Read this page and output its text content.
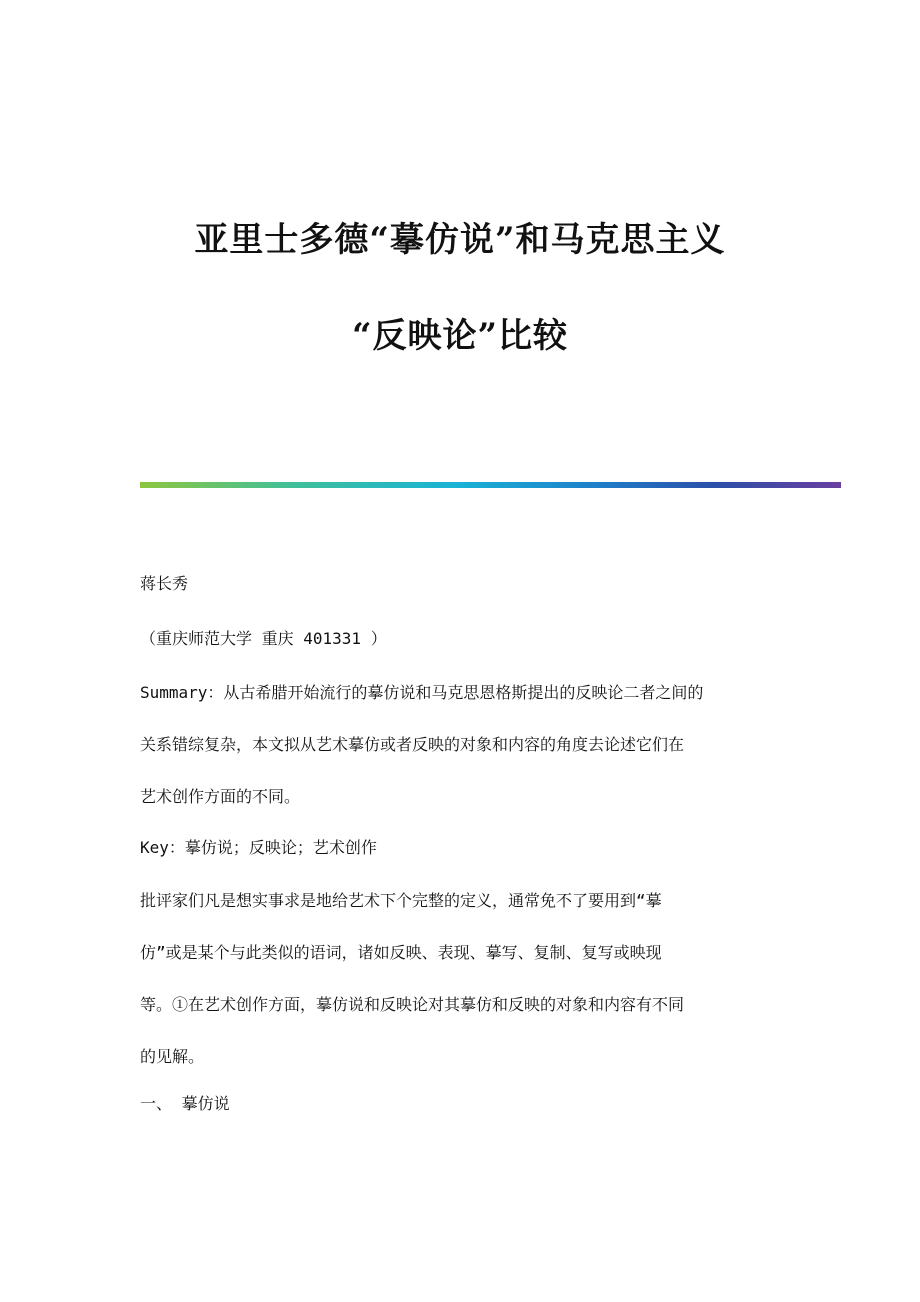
亚里士多德“摹仿说”和马克思主义
“反映论”比较
蒋长秀
（重庆师范大学 重庆 401331 ）
Summary：从古希腊开始流行的摹仿说和马克思恩格斯提出的反映论二者之间的
关系错综复杂，本文拟从艺术摹仿或者反映的对象和内容的角度去论述它们在
艺术创作方面的不同。
Key：摹仿说；反映论；艺术创作
批评家们凡是想实事求是地给艺术下个完整的定义，通常免不了要用到“摹
仿”或是某个与此类似的语词，诸如反映、表现、摹写、复制、复写或映现
等。①在艺术创作方面，摹仿说和反映论对其摹仿和反映的对象和内容有不同
的见解。
一、 摹仿说
